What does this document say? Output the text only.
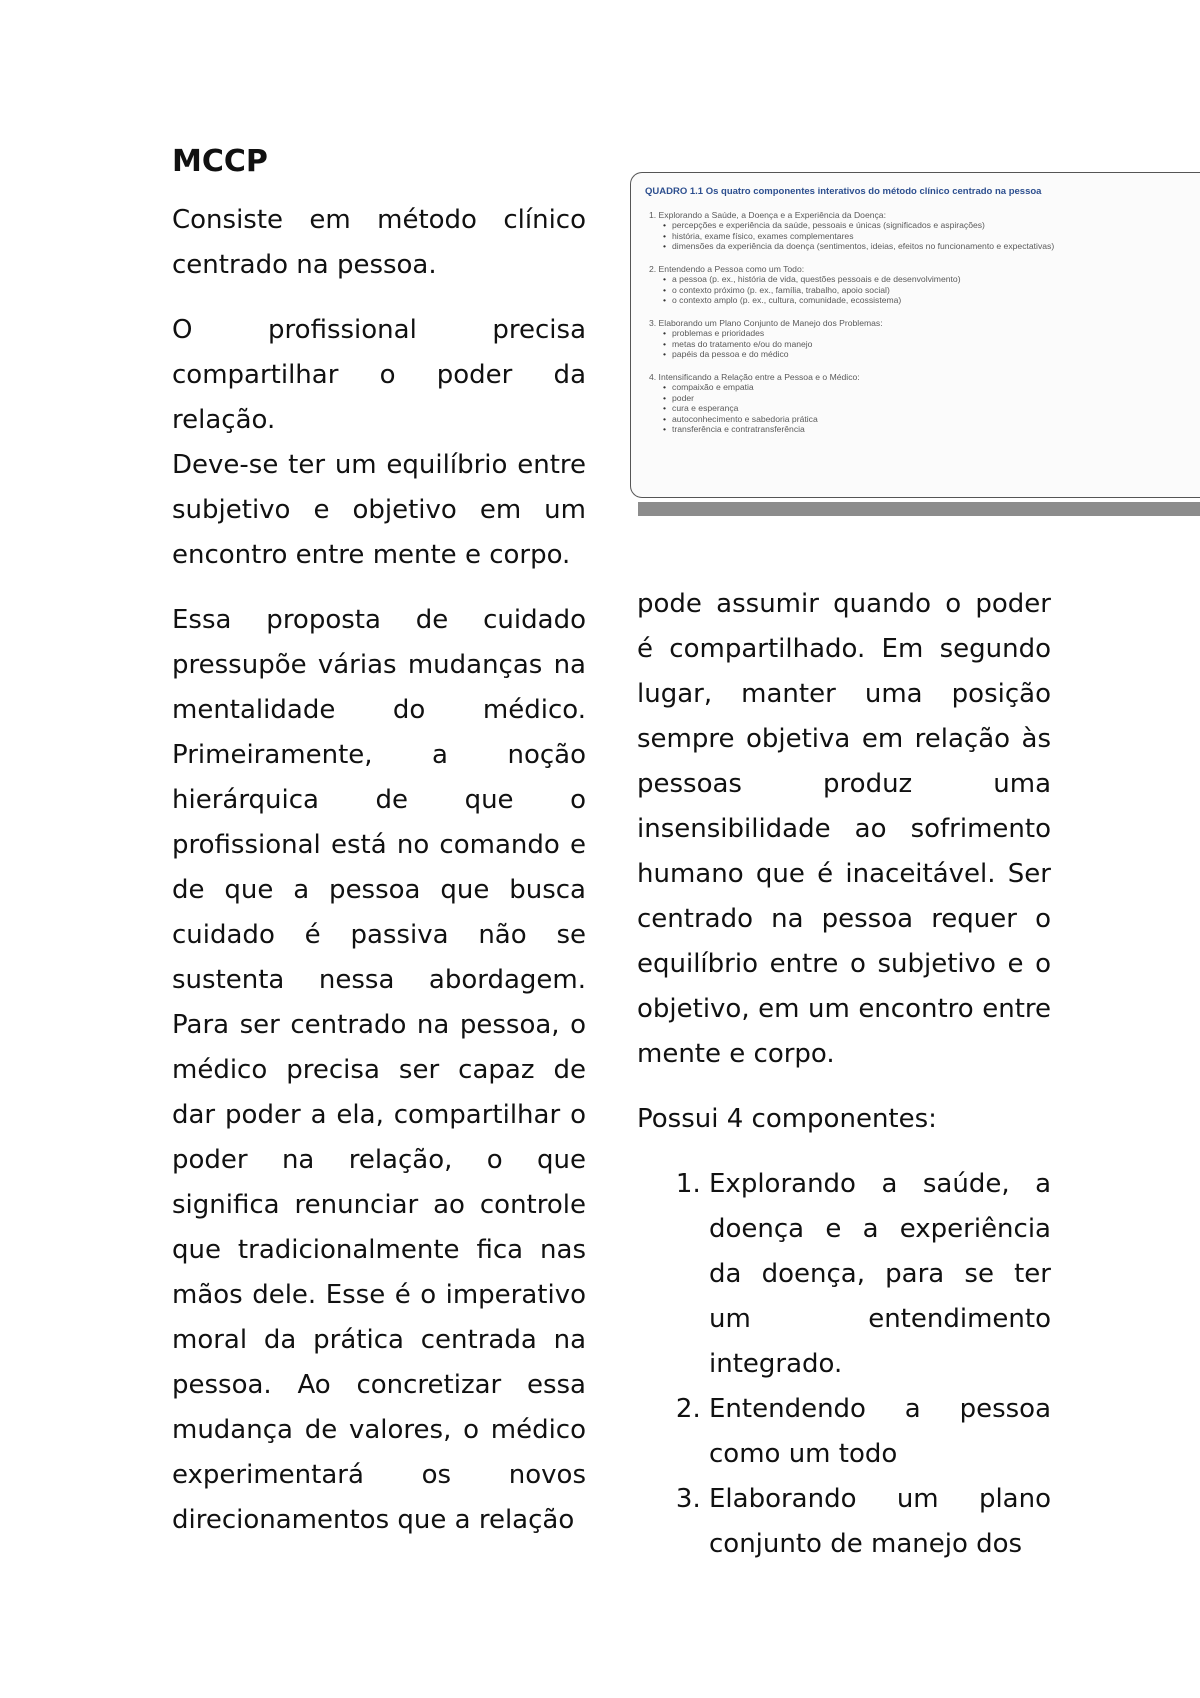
MCCP

Consiste em método clínico centrado na pessoa.

O profissional precisa compartilhar o poder da relação.

Deve-se ter um equilíbrio entre subjetivo e objetivo em um encontro entre mente e corpo.

Essa proposta de cuidado pressupõe várias mudanças na mentalidade do médico. Primeiramente, a noção hierárquica de que o profissional está no comando e de que a pessoa que busca cuidado é passiva não se sustenta nessa abordagem. Para ser centrado na pessoa, o médico precisa ser capaz de dar poder a ela, compartilhar o poder na relação, o que significa renunciar ao controle que tradicionalmente fica nas mãos dele. Esse é o imperativo moral da prática centrada na pessoa. Ao concretizar essa mudança de valores, o médico experimentará os novos direcionamentos que a relação

QUADRO 1.1 Os quatro componentes interativos do método clínico centrado na pessoa
1. Explorando a Saúde, a Doença e a Experiência da Doença:
• percepções e experiência da saúde, pessoais e únicas (significados e aspirações)
• história, exame físico, exames complementares
• dimensões da experiência da doença (sentimentos, ideias, efeitos no funcionamento e expectativas)
2. Entendendo a Pessoa como um Todo:
• a pessoa (p. ex., história de vida, questões pessoais e de desenvolvimento)
• o contexto próximo (p. ex., família, trabalho, apoio social)
• o contexto amplo (p. ex., cultura, comunidade, ecossistema)
3. Elaborando um Plano Conjunto de Manejo dos Problemas:
• problemas e prioridades
• metas do tratamento e/ou do manejo
• papéis da pessoa e do médico
4. Intensificando a Relação entre a Pessoa e o Médico:
• compaixão e empatia
• poder
• cura e esperança
• autoconhecimento e sabedoria prática
• transferência e contratransferência

pode assumir quando o poder é compartilhado. Em segundo lugar, manter uma posição sempre objetiva em relação às pessoas produz uma insensibilidade ao sofrimento humano que é inaceitável. Ser centrado na pessoa requer o equilíbrio entre o subjetivo e o objetivo, em um encontro entre mente e corpo.

Possui 4 componentes:

1. Explorando a saúde, a doença e a experiência da doença, para se ter um entendimento integrado.
2. Entendendo a pessoa como um todo
3. Elaborando um plano conjunto de manejo dos
